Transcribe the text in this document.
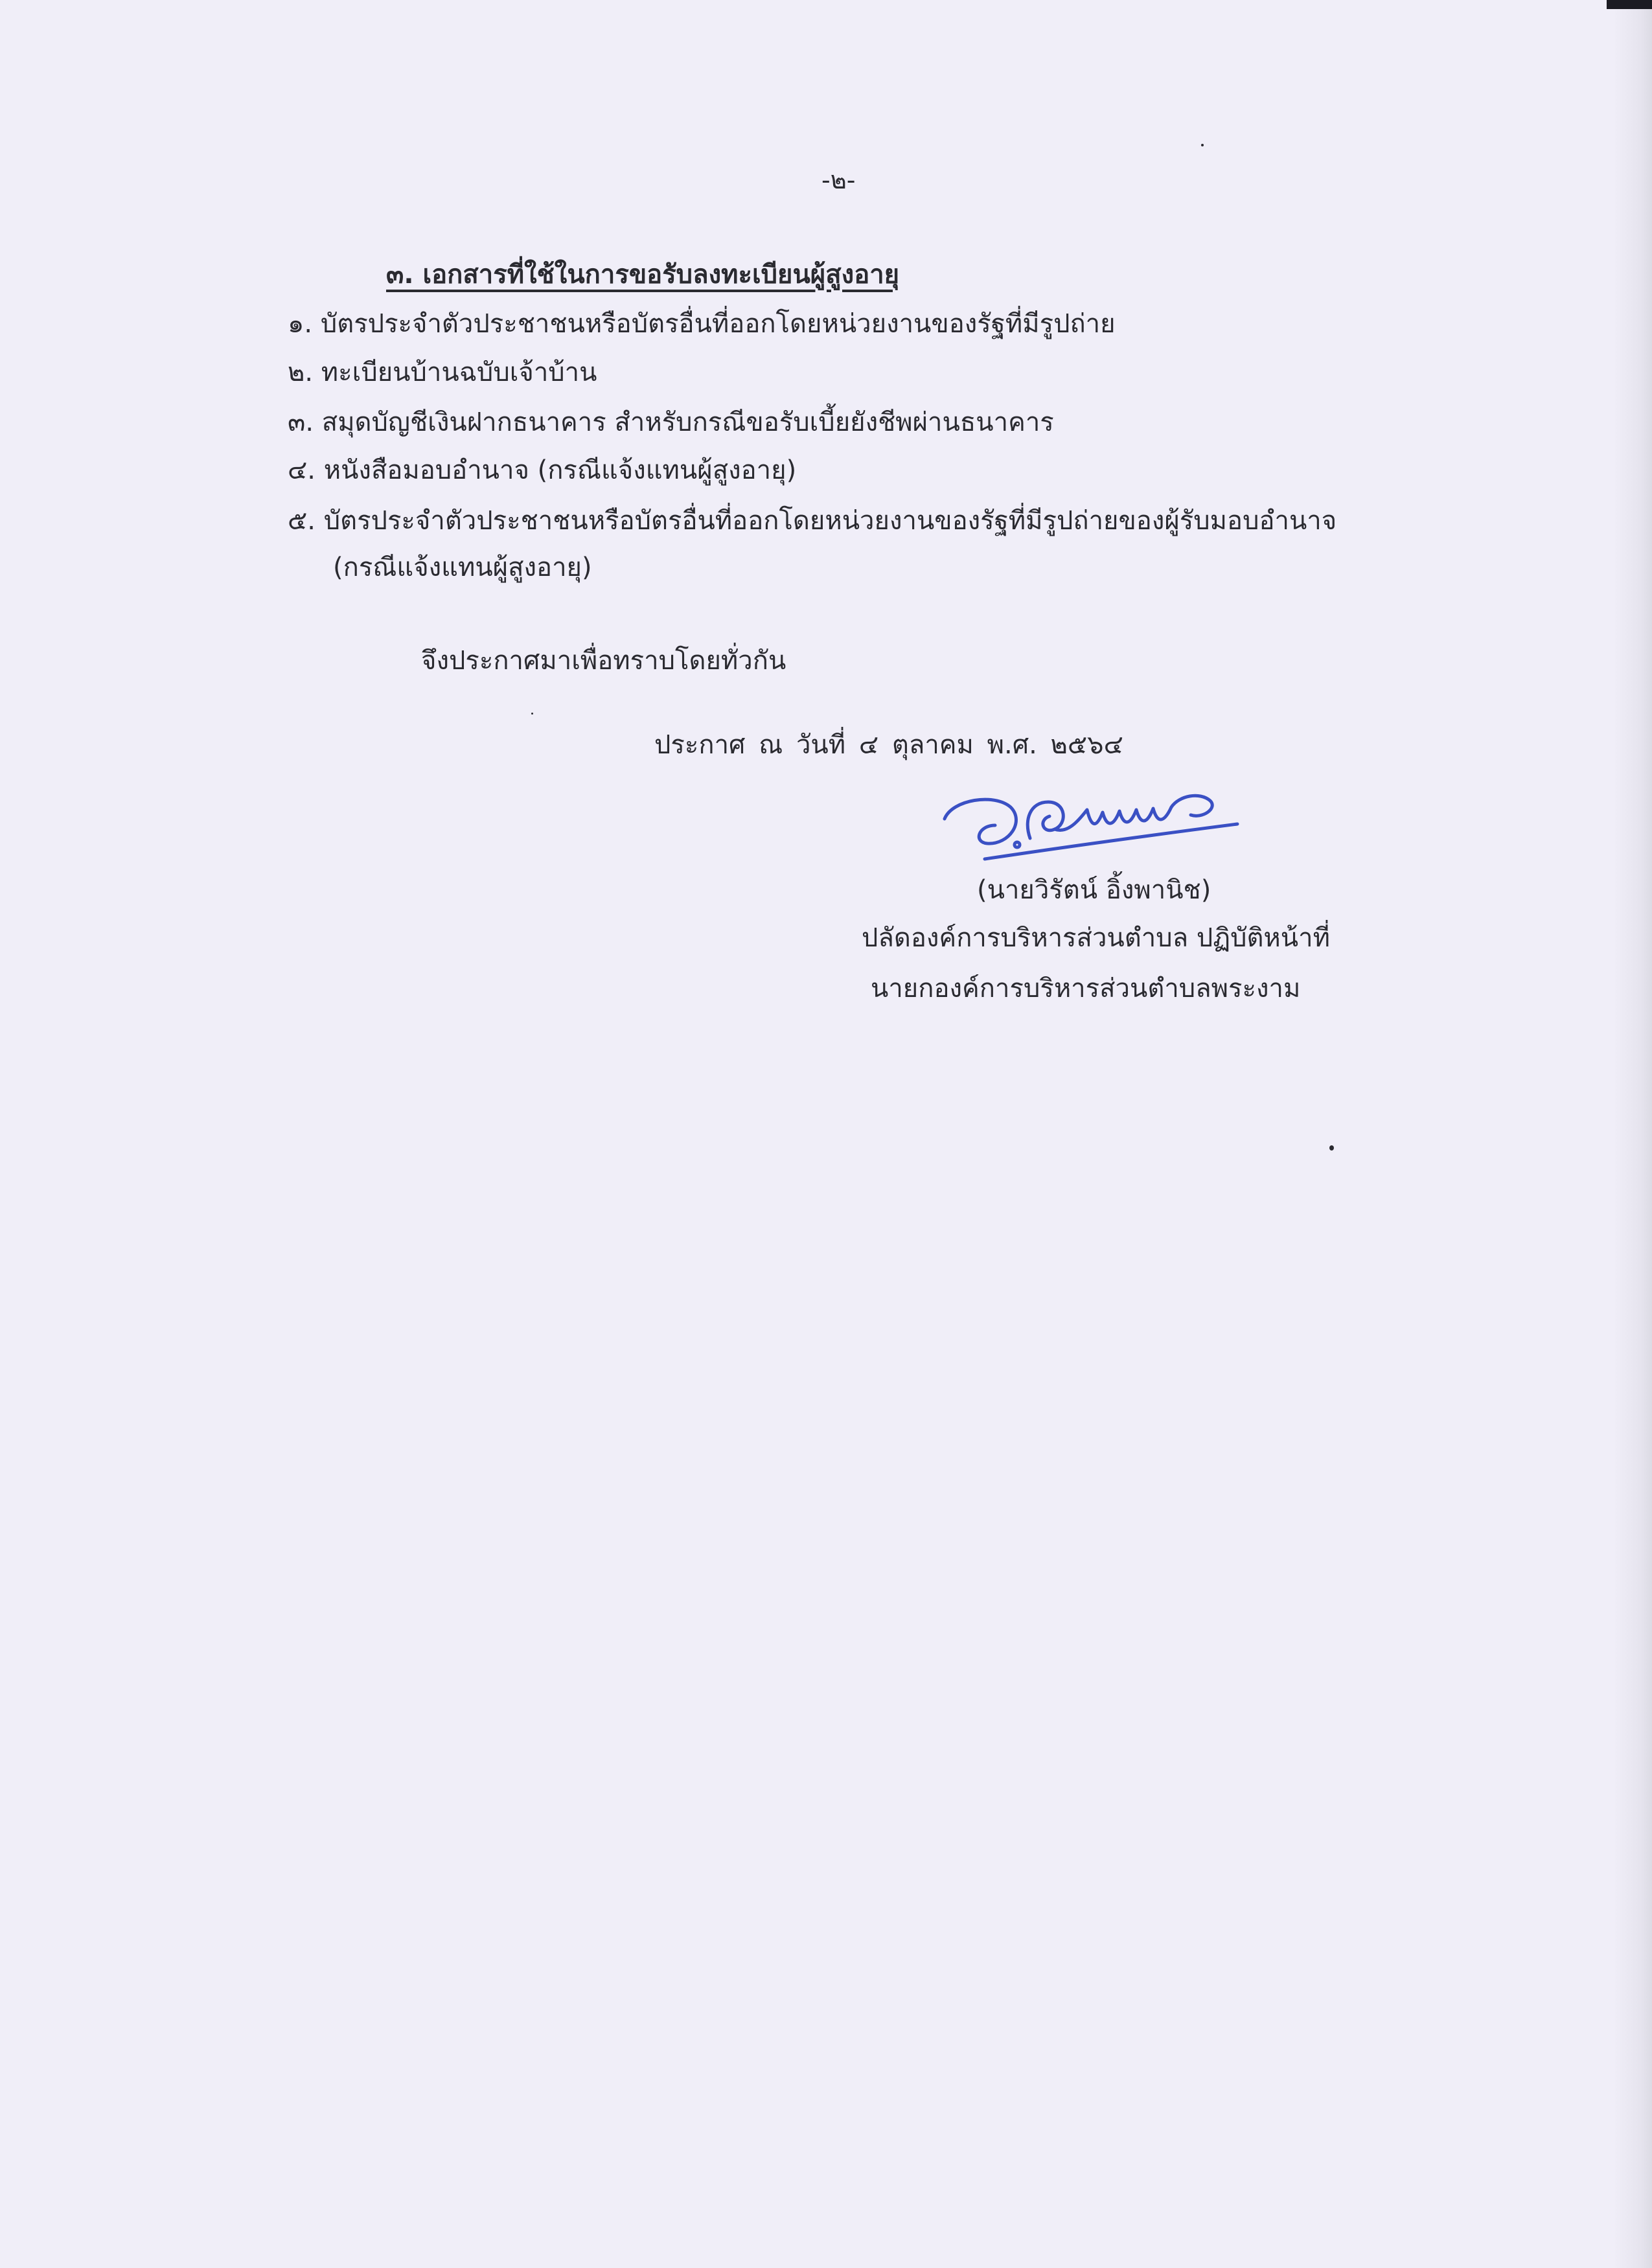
-๒-
๓. เอกสารที่ใช้ในการขอรับลงทะเบียนผู้สูงอายุ
๑. บัตรประจำตัวประชาชนหรือบัตรอื่นที่ออกโดยหน่วยงานของรัฐที่มีรูปถ่าย
๒. ทะเบียนบ้านฉบับเจ้าบ้าน
๓. สมุดบัญชีเงินฝากธนาคาร สำหรับกรณีขอรับเบี้ยยังชีพผ่านธนาคาร
๔. หนังสือมอบอำนาจ (กรณีแจ้งแทนผู้สูงอายุ)
๕. บัตรประจำตัวประชาชนหรือบัตรอื่นที่ออกโดยหน่วยงานของรัฐที่มีรูปถ่ายของผู้รับมอบอำนาจ
(กรณีแจ้งแทนผู้สูงอายุ)
จึงประกาศมาเพื่อทราบโดยทั่วกัน
ประกาศ ณ วันที่ ๔ ตุลาคม พ.ศ. ๒๕๖๔
(นายวิรัตน์ อิ้งพานิช)
ปลัดองค์การบริหารส่วนตำบล ปฏิบัติหน้าที่
นายกองค์การบริหารส่วนตำบลพระงาม
